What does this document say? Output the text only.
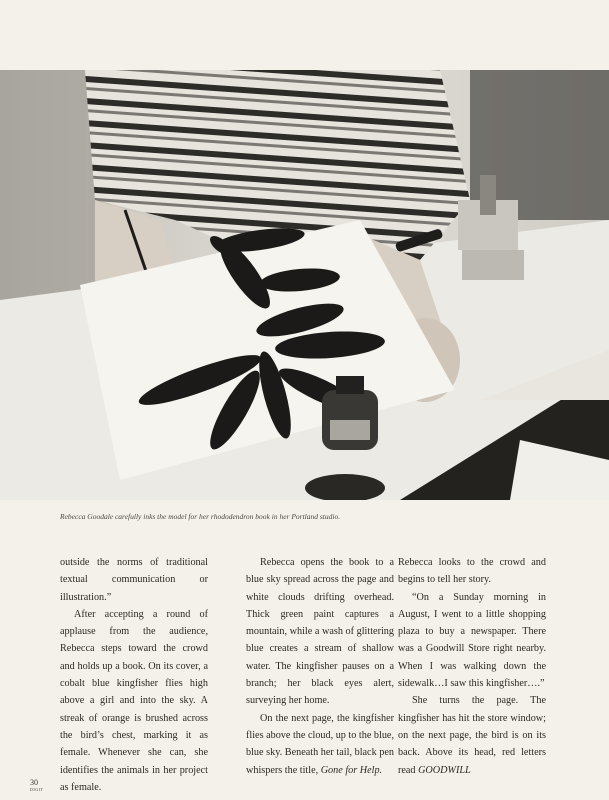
Rebecca Goodale carefully inks the model for her rhododendron book in her Portland studio.

outside the norms of traditional textual communication or illustration.”

After accepting a round of applause from the audience, Rebecca steps toward the crowd and holds up a book. On its cover, a cobalt blue kingfisher flies high above a girl and into the sky. A streak of orange is brushed across the bird’s chest, marking it as female. Whenever she can, she identifies the animals in her project as female.

Rebecca opens the book to a blue sky spread across the page and white clouds drifting overhead. Thick green paint captures a mountain, while a wash of glittering blue creates a stream of shallow water. The kingfisher pauses on a branch; her black eyes alert, surveying her home.

On the next page, the kingfisher flies above the cloud, up to the blue, blue sky. Beneath her tail, black pen whispers the title, Gone for Help.

Rebecca looks to the crowd and begins to tell her story.

“On a Sunday morning in August, I went to a little shopping plaza to buy a newspaper. There was a Goodwill Store right nearby. When I was walking down the sidewalk…I saw this kingfisher….”

She turns the page. The kingfisher has hit the store window; on the next page, the bird is on its back. Above its head, red letters read GOODWILL

30
DIGIT
